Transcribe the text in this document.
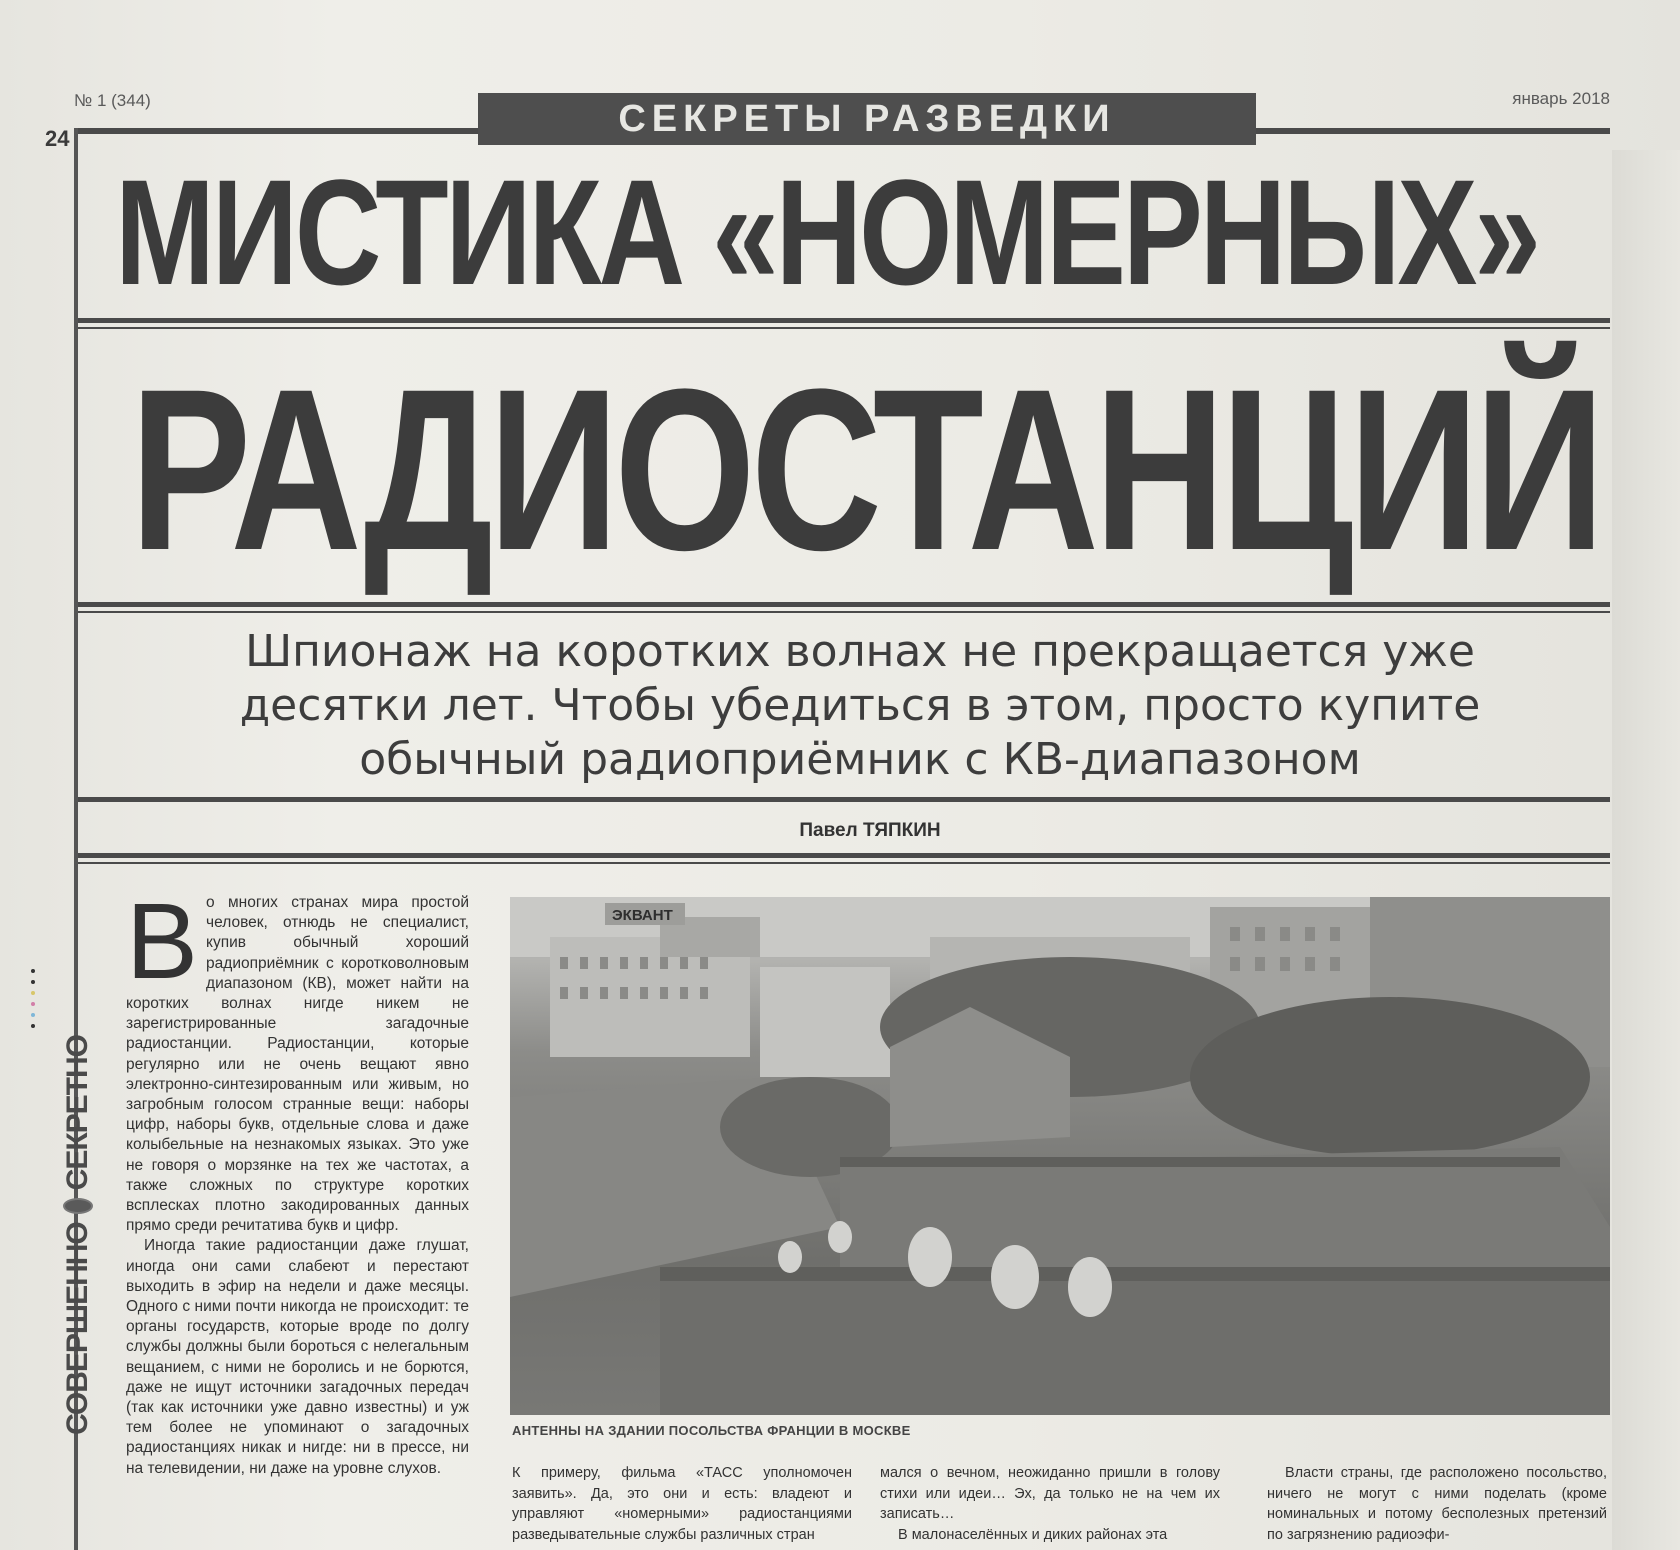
№ 1 (344)	январь 2018
24	СЕКРЕТЫ РАЗВЕДКИ
МИСТИКА «НОМЕРНЫХ»
РАДИОСТАНЦИЙ
Шпионаж на коротких волнах не прекращается уже
десятки лет. Чтобы убедиться в этом, просто купите
обычный радиоприёмник с КВ-диапазоном
Павел ТЯПКИН
СОВЕРШЕННО
СЕКРЕТНО

Во многих странах мира простой человек, отнюдь не специалист, купив обычный хороший радиоприёмник с коротковолновым диапазоном (КВ), может найти на коротких волнах нигде никем не зарегистрированные загадочные радиостанции. Радиостанции, которые регулярно или не очень вещают явно электронно-синтезированным или живым, но загробным голосом странные вещи: наборы цифр, наборы букв, отдельные слова и даже колыбельные на незнакомых языках. Это уже не говоря о морзянке на тех же частотах, а также сложных по структуре коротких всплесках плотно закодированных данных прямо среди речитатива букв и цифр.

Иногда такие радиостанции даже глушат, иногда они сами слабеют и перестают выходить в эфир на недели и даже месяцы. Одного с ними почти никогда не происходит: те органы государств, которые вроде по долгу службы должны были бороться с нелегальным вещанием, с ними не боролись и не борются, даже не ищут источники загадочных передач (так как источники уже давно известны) и уж тем более не упоминают о загадочных радиостанциях никак и нигде: ни в прессе, ни на телевидении, ни даже на уровне слухов.

ЭКВАНТ
АНТЕННЫ НА ЗДАНИИ ПОСОЛЬСТВА ФРАНЦИИ В МОСКВЕ

К примеру, фильма «ТАСС уполномочен заявить». Да, это они и есть: владеют и управляют «номерными» радиостанциями разведывательные службы различных стран

мался о вечном, неожиданно пришли в голову стихи или идеи… Эх, да только не на чем их записать…

В малонаселённых и диких районах эта

Власти страны, где расположено посольство, ничего не могут с ними поделать (кроме номинальных и потому бесполезных претензий по загрязнению радиоэфи-
